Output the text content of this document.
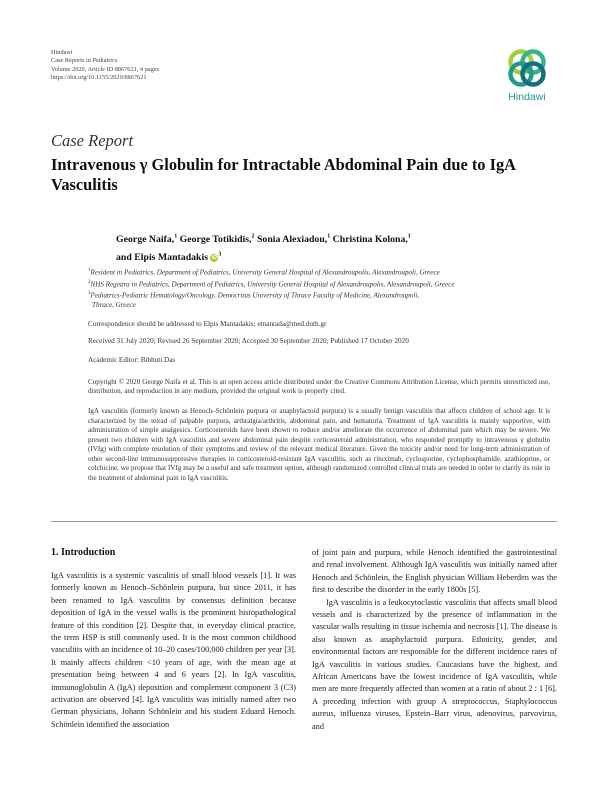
Hindawi
Case Reports in Pediatrics
Volume 2020, Article ID 8867621, 4 pages
https://doi.org/10.1155/2020/8867621
Hindawi
Case Report
Intravenous γ Globulin for Intractable Abdominal Pain due to IgA Vasculitis
George Naifa,$^1$ George Totikidis,$^2$ Sonia Alexiadou,$^1$ Christina Kolona,$^1$
and Elpis Mantadakis $iD^3$
$^1$Resident in Pediatrics, Department of Pediatrics, University General Hospital of Alexandroupolis, Alexandroupoli, Greece
$^2$NHS Registra in Pediatrics, Department of Pediatrics, University General Hospital of Alexandroupolis, Alexandroupoli, Greece
$^3$Pediatrics-Pediatric Hematology/Oncology, Democritus University of Thrace Faculty of Medicine, Alexandroupoli,
Thrace, Greece
Correspondence should be addressed to Elpis Mantadakis; emantada@med.duth.gr
Received 31 July 2020; Revised 26 September 2020; Accepted 30 September 2020; Published 17 October 2020
Academic Editor: Bibhuti Das
Copyright © 2020 George Naifa et al. This is an open access article distributed under the Creative Commons Attribution License, which permits unrestricted use, distribution, and reproduction in any medium, provided the original work is properly cited.
IgA vasculitis (formerly known as Henoch–Schönlein purpura or anaphylactoid purpura) is a usually benign vasculitis that affects children of school age. It is characterized by the tetrad of palpable purpura, arthralgia/arthritis, abdominal pain, and hematuria. Treatment of IgA vasculitis is mainly supportive, with administration of simple analgesics. Corticosteroids have been shown to reduce and/or ameliorate the occurrence of abdominal pain which may be severe. We present two children with IgA vasculitis and severe abdominal pain despite corticosteroid administration, who responded promptly to intravenous γ globulin (IVIg) with complete resolution of their symptoms and review of the relevant medical literature. Given the toxicity and/or need for long-term administration of other second-line immunosuppressive therapies in corticosteroid-resistant IgA vasculitis, such as rituximab, cyclosporine, cyclophosphamide, azathioprine, or colchicine, we propose that IVIg may be a useful and safe treatment option, although randomized controlled clinical trials are needed in order to clarify its role in the treatment of abdominal pain in IgA vasculitis.
1. Introduction

IgA vasculitis is a systemic vasculitis of small blood vessels [1]. It was formerly known as Henoch–Schönlein purpura, but since 2011, it has been renamed to IgA vasculitis by consensus definition because deposition of IgA in the vessel walls is the prominent histopathological feature of this condition [2]. Despite that, in everyday clinical practice, the term HSP is still commonly used. It is the most common childhood vasculitis with an incidence of 10–20 cases/100,000 children per year [3]. It mainly affects children <10 years of age, with the mean age at presentation being between 4 and 6 years [2]. In IgA vasculitis, immunoglobulin A (IgA) deposition and complement component 3 (C3) activation are observed [4]. IgA vasculitis was initially named after two German physicians, Johann Schönlein and his student Eduard Henoch. Schönlein identified the association

of joint pain and purpura, while Henoch identified the gastrointestinal and renal involvement. Although IgA vasculitis was initially named after Henoch and Schönlein, the English physician William Heberden was the first to describe the disorder in the early 1800s [5].

IgA vasculitis is a leukocytoclastic vasculitis that affects small blood vessels and is characterized by the presence of inflammation in the vascular walls resulting in tissue ischemia and necrosis [1]. The disease is also known as anaphylactoid purpura. Ethnicity, gender, and environmental factors are responsible for the different incidence rates of IgA vasculitis in various studies. Caucasians have the highest, and African Americans have the lowest incidence of IgA vasculitis, while men are more frequently affected than women at a ratio of about 2 : 1 [6]. A preceding infection with group A streptococcus, Staphylococcus aureus, influenza viruses, Epstein–Barr virus, adenovirus, parvovirus, and
